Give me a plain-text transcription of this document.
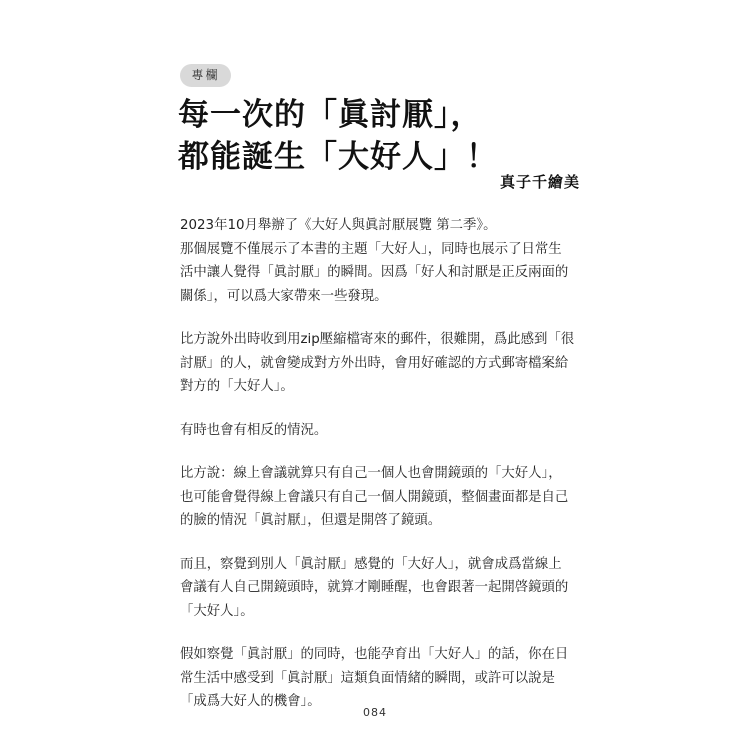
專欄
每一次的「眞討厭」，
都能誕生「大好人」！
真子千繪美

2023年10月舉辦了《大好人與眞討厭展覽 第二季》。
那個展覽不僅展示了本書的主題「大好人」，同時也展示了日常生
活中讓人覺得「眞討厭」的瞬間。因爲「好人和討厭是正反兩面的
關係」，可以爲大家帶來一些發現。

比方說外出時收到用zip壓縮檔寄來的郵件，很難開，爲此感到「很
討厭」的人，就會變成對方外出時，會用好確認的方式郵寄檔案給
對方的「大好人」。

有時也會有相反的情況。

比方說：線上會議就算只有自己一個人也會開鏡頭的「大好人」，
也可能會覺得線上會議只有自己一個人開鏡頭，整個畫面都是自己
的臉的情況「眞討厭」，但還是開啓了鏡頭。

而且，察覺到別人「眞討厭」感覺的「大好人」，就會成爲當線上
會議有人自己開鏡頭時，就算才剛睡醒，也會跟著一起開啓鏡頭的
「大好人」。

假如察覺「眞討厭」的同時，也能孕育出「大好人」的話，你在日
常生活中感受到「眞討厭」這類負面情緒的瞬間，或許可以說是
「成爲大好人的機會」。

084
